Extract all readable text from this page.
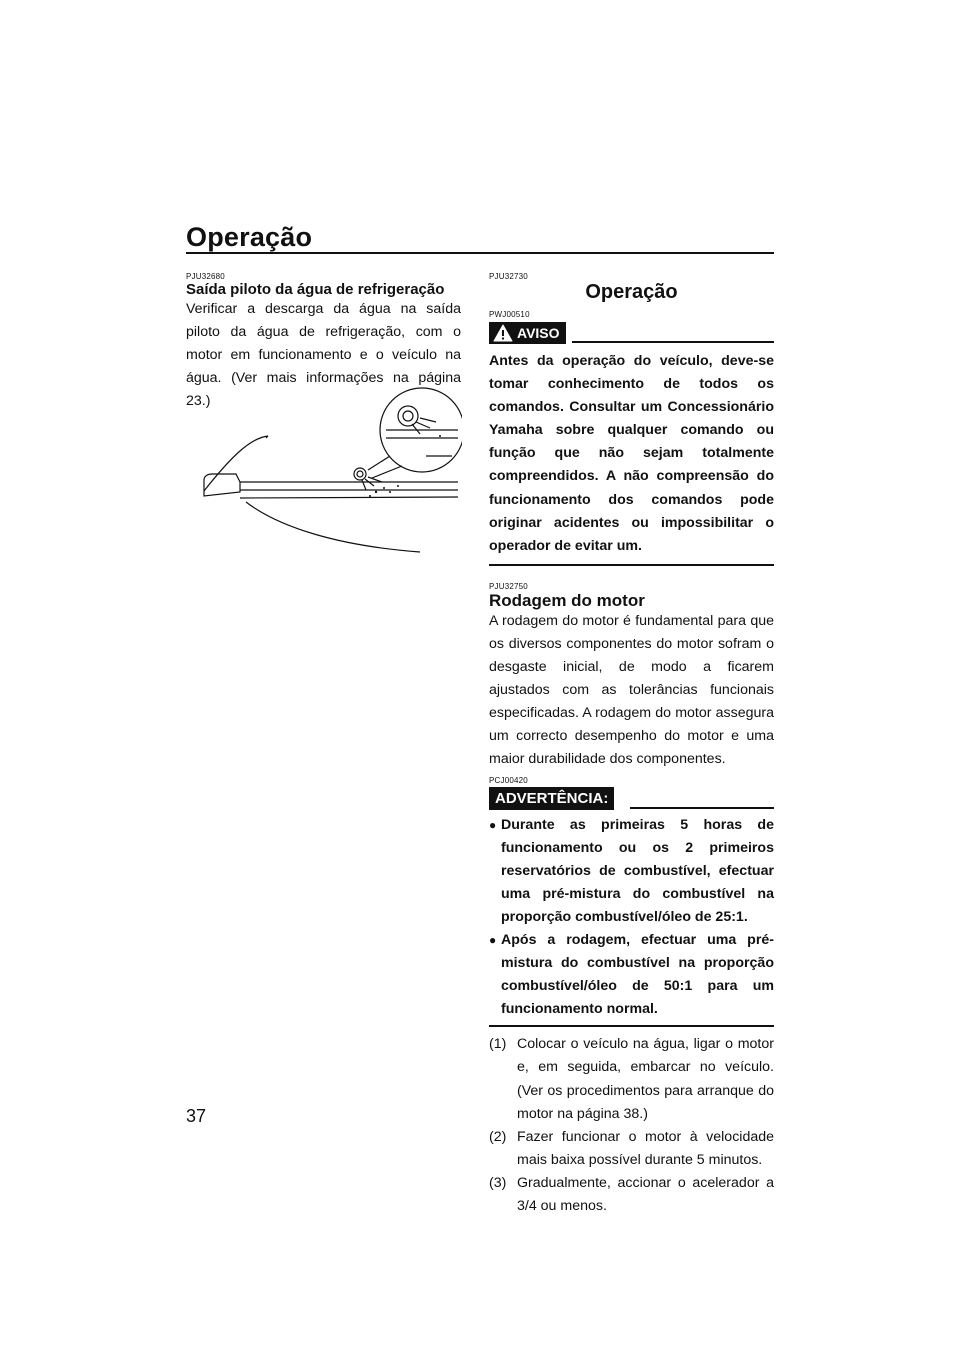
Operação
PJU32680
Saída piloto da água de refrigeração

Verificar a descarga da água na saída piloto da água de refrigeração, com o motor em funcionamento e o veículo na água. (Ver mais informações na página 23.)

PJU32730
Operação
PWJ00510
AVISO

Antes da operação do veículo, deve-se tomar conhecimento de todos os comandos. Consultar um Concessionário Yamaha sobre qualquer comando ou função que não sejam totalmente compreendidos. A não compreensão do funcionamento dos comandos pode originar acidentes ou impossibilitar o operador de evitar um.

PJU32750
Rodagem do motor

A rodagem do motor é fundamental para que os diversos componentes do motor sofram o desgaste inicial, de modo a ficarem ajustados com as tolerâncias funcionais especificadas. A rodagem do motor assegura um correcto desempenho do motor e uma maior durabilidade dos componentes.

PCJ00420
ADVERTÊNCIA:
● Durante as primeiras 5 horas de funcionamento ou os 2 primeiros reservatórios de combustível, efectuar uma pré-mistura do combustível na proporção combustível/óleo de 25:1.

● Após a rodagem, efectuar uma pré-mistura do combustível na proporção combustível/óleo de 50:1 para um funcionamento normal.

(1) Colocar o veículo na água, ligar o motor e, em seguida, embarcar no veículo. (Ver os procedimentos para arranque do motor na página 38.)

(2) Fazer funcionar o motor à velocidade mais baixa possível durante 5 minutos.

(3) Gradualmente, accionar o acelerador a 3/4 ou menos.

37
